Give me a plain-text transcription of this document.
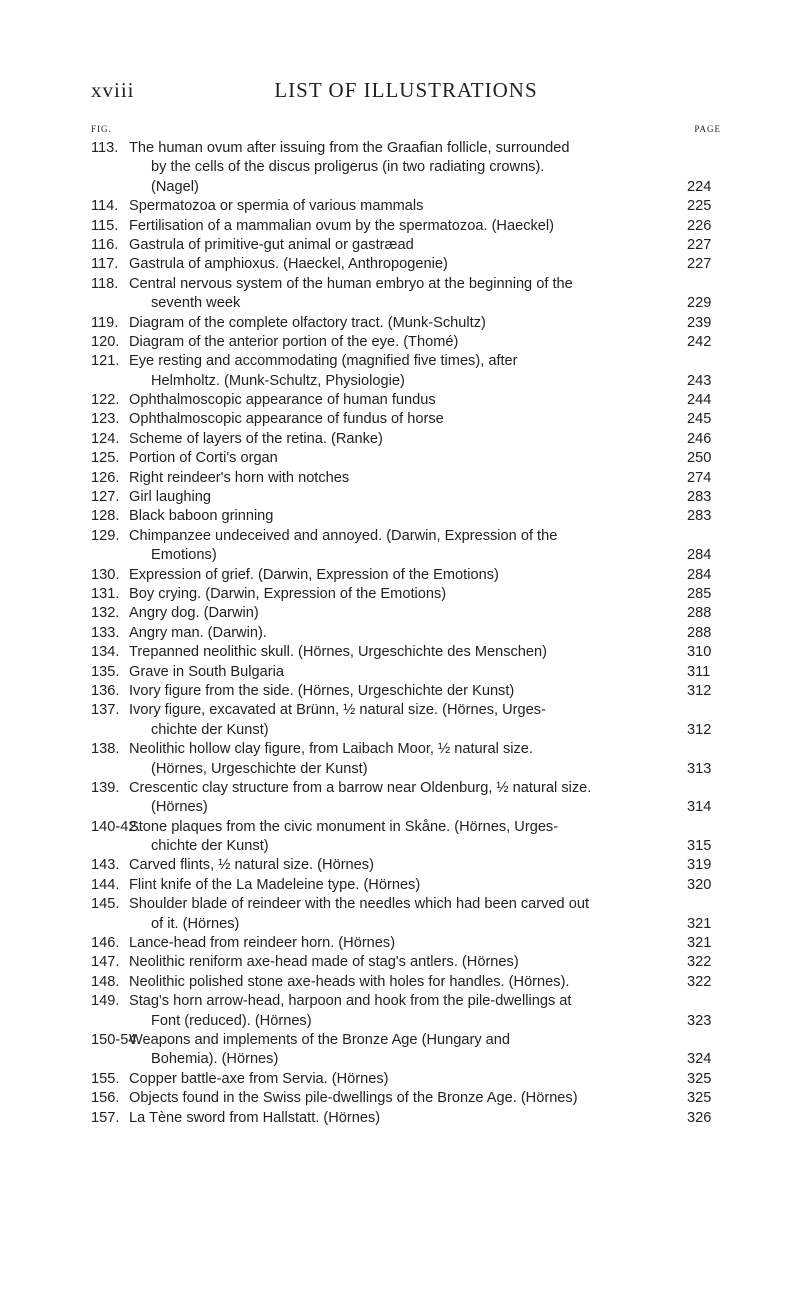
xviii	LIST OF ILLUSTRATIONS
FIG.	PAGE
113. The human ovum after issuing from the Graafian follicle, surrounded
by the cells of the discus proligerus (in two radiating crowns).
(Nagel)	224
114. Spermatozoa or spermia of various mammals	225
115. Fertilisation of a mammalian ovum by the spermatozoa. (Haeckel)	226
116. Gastrula of primitive-gut animal or gastræad	227
117. Gastrula of amphioxus. (Haeckel, Anthropogenie)	227
118. Central nervous system of the human embryo at the beginning of the
seventh week	229
119. Diagram of the complete olfactory tract. (Munk-Schultz)	239
120. Diagram of the anterior portion of the eye. (Thomé)	242
121. Eye resting and accommodating (magnified five times), after
Helmholtz. (Munk-Schultz, Physiologie)	243
122. Ophthalmoscopic appearance of human fundus	244
123. Ophthalmoscopic appearance of fundus of horse	245
124. Scheme of layers of the retina. (Ranke)	246
125. Portion of Corti's organ	250
126. Right reindeer's horn with notches	274
127. Girl laughing	283
128. Black baboon grinning	283
129. Chimpanzee undeceived and annoyed. (Darwin, Expression of the
Emotions)	284
130. Expression of grief. (Darwin, Expression of the Emotions)	284
131. Boy crying. (Darwin, Expression of the Emotions)	285
132. Angry dog. (Darwin)	288
133. Angry man. (Darwin).	288
134. Trepanned neolithic skull. (Hörnes, Urgeschichte des Menschen)	310
135. Grave in South Bulgaria	311
136. Ivory figure from the side. (Hörnes, Urgeschichte der Kunst)	312
137. Ivory figure, excavated at Brünn, ½ natural size. (Hörnes, Urges-
chichte der Kunst)	312
138. Neolithic hollow clay figure, from Laibach Moor, ½ natural size.
(Hörnes, Urgeschichte der Kunst)	313
139. Crescentic clay structure from a barrow near Oldenburg, ½ natural size.
(Hörnes)	314
140-42.
Stone plaques from the civic monument in Skåne. (Hörnes, Urges-
chichte der Kunst)	315
143. Carved flints, ½ natural size. (Hörnes)	319
144. Flint knife of the La Madeleine type. (Hörnes)	320
145. Shoulder blade of reindeer with the needles which had been carved out
of it. (Hörnes)	321
146. Lance-head from reindeer horn. (Hörnes)	321
147. Neolithic reniform axe-head made of stag's antlers. (Hörnes)	322
148. Neolithic polished stone axe-heads with holes for handles. (Hörnes).	322
149. Stag's horn arrow-head, harpoon and hook from the pile-dwellings at
Font (reduced). (Hörnes)	323
150-54.
Weapons and implements of the Bronze Age (Hungary and
Bohemia). (Hörnes)	324
155. Copper battle-axe from Servia. (Hörnes)	325
156. Objects found in the Swiss pile-dwellings of the Bronze Age. (Hörnes)	325
157. La Tène sword from Hallstatt. (Hörnes)	326
